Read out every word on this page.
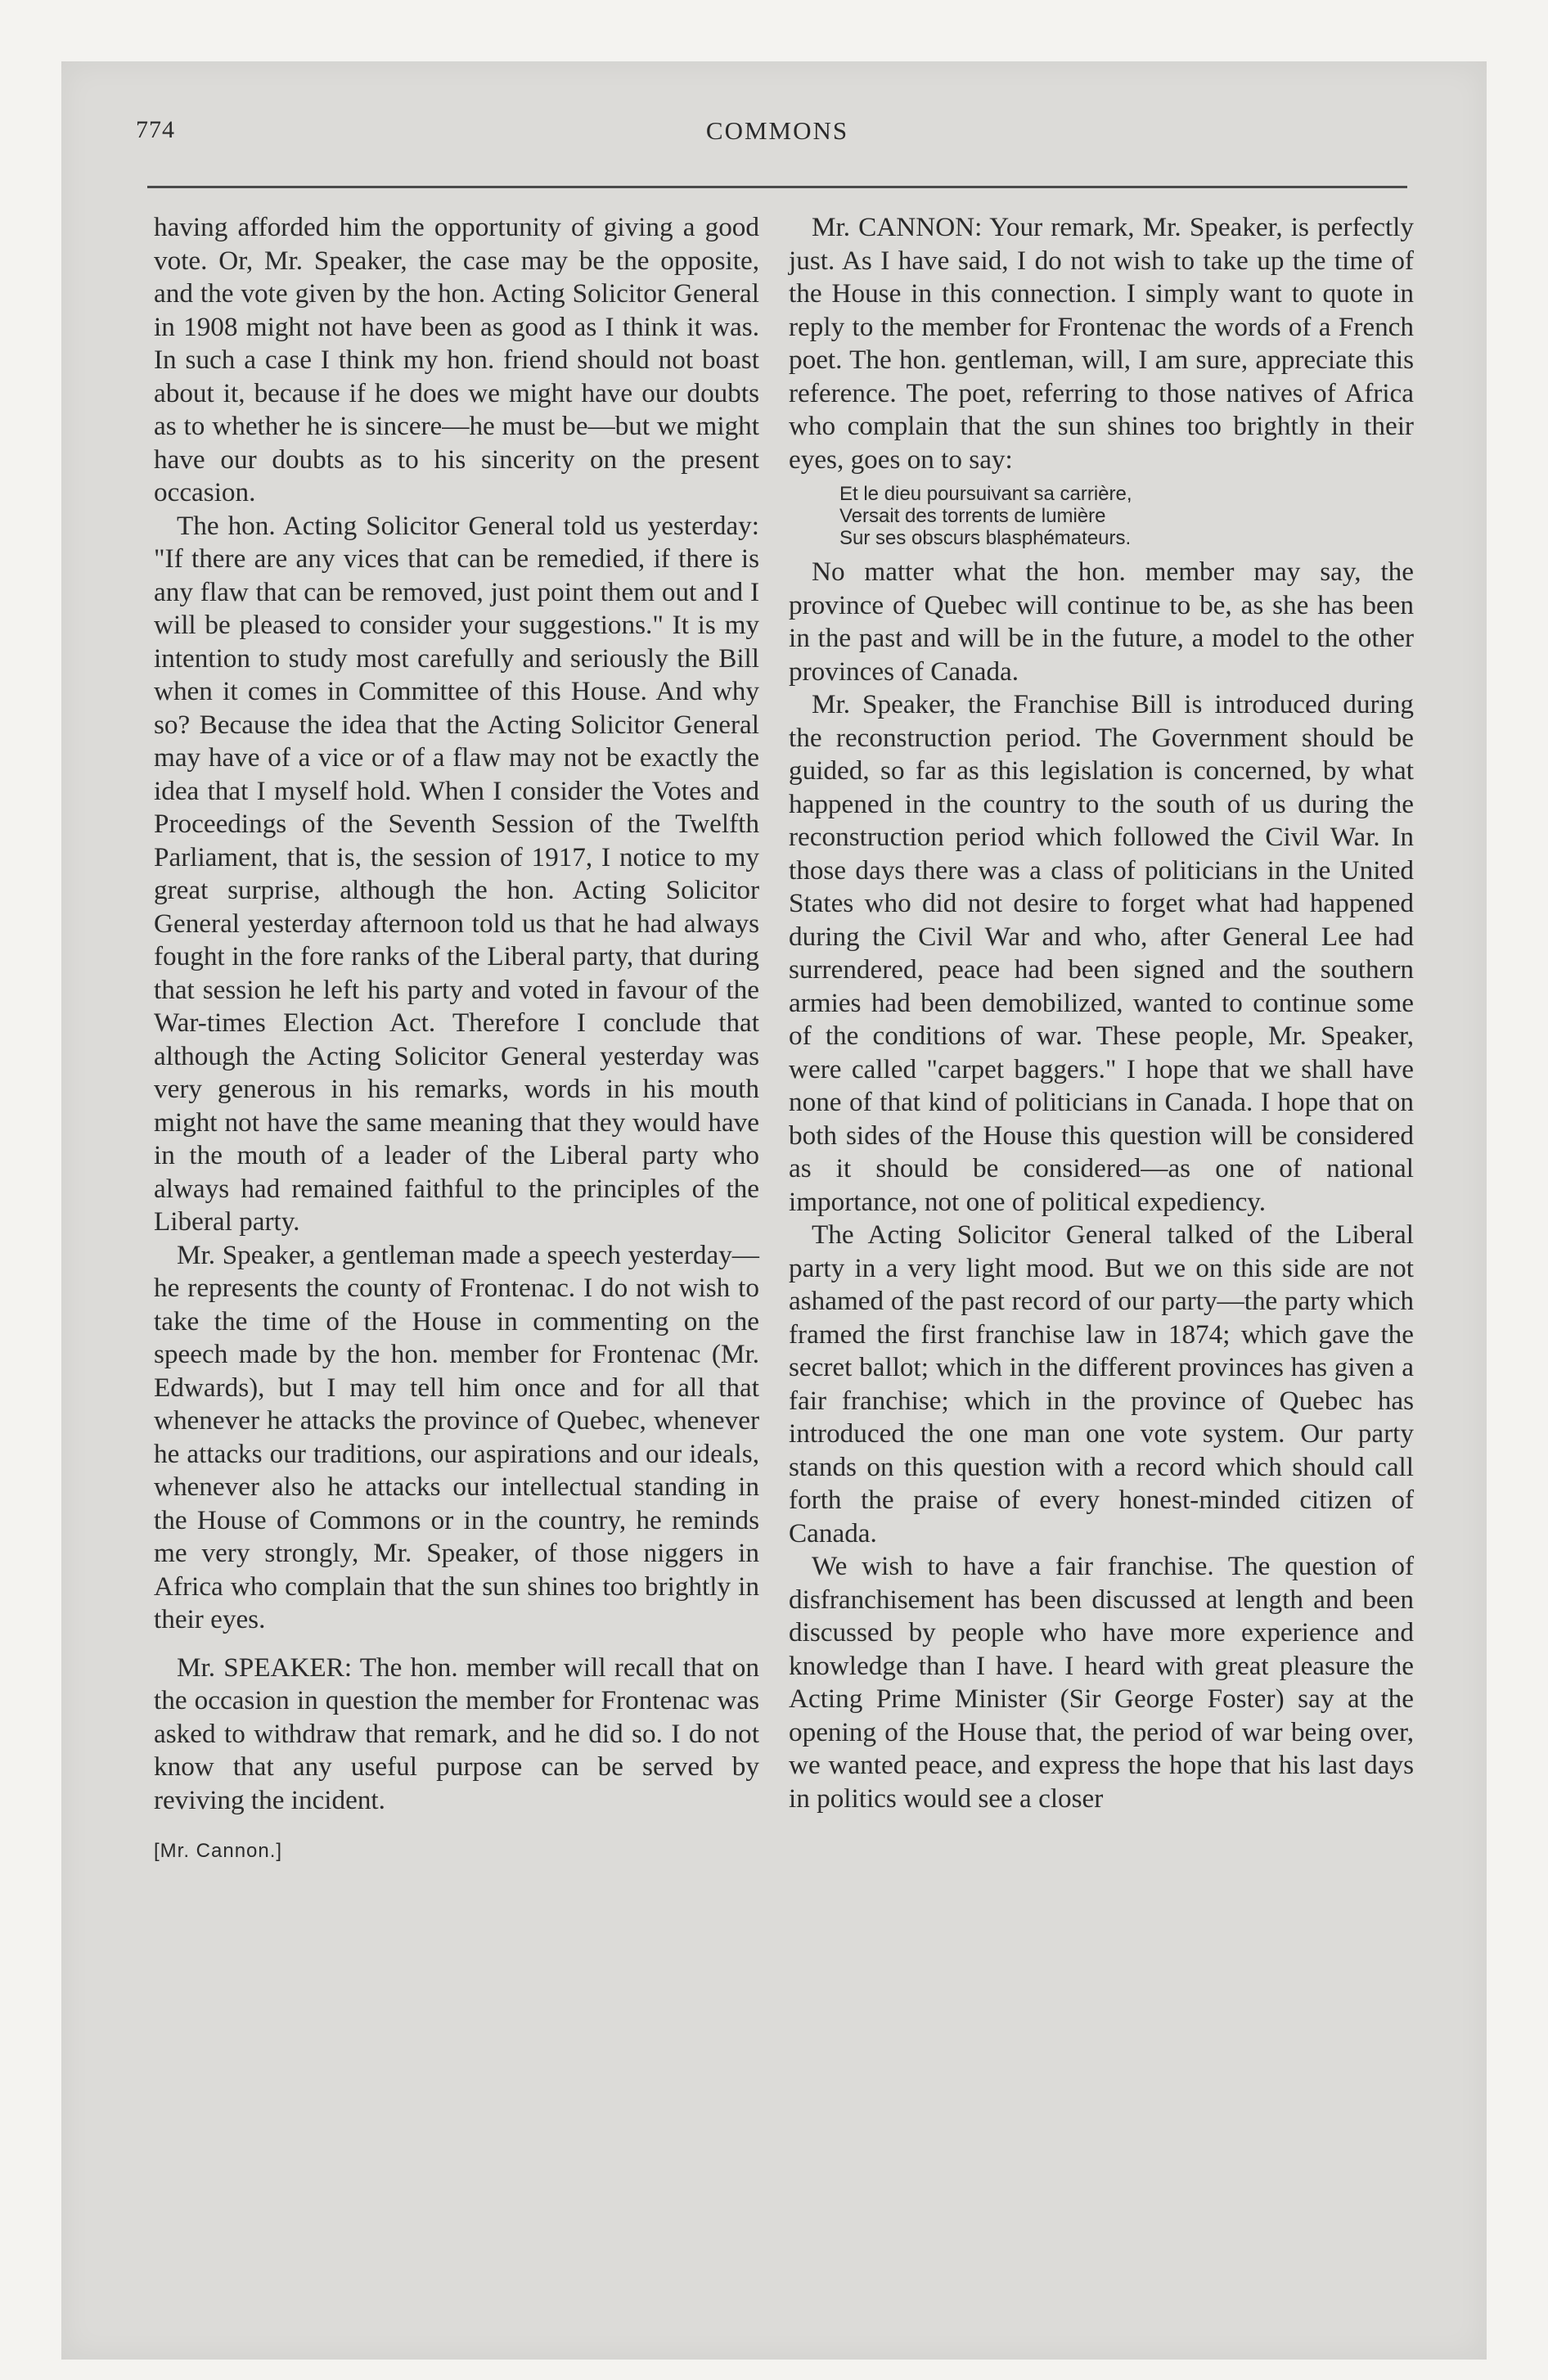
774	COMMONS

having afforded him the opportunity of giving a good vote. Or, Mr. Speaker, the case may be the opposite, and the vote given by the hon. Acting Solicitor General in 1908 might not have been as good as I think it was. In such a case I think my hon. friend should not boast about it, because if he does we might have our doubts as to whether he is sincere—he must be—but we might have our doubts as to his sincerity on the present occasion.

The hon. Acting Solicitor General told us yesterday: "If there are any vices that can be remedied, if there is any flaw that can be removed, just point them out and I will be pleased to consider your suggestions." It is my intention to study most carefully and seriously the Bill when it comes in Committee of this House. And why so? Because the idea that the Acting Solicitor General may have of a vice or of a flaw may not be exactly the idea that I myself hold. When I consider the Votes and Proceedings of the Seventh Session of the Twelfth Parliament, that is, the session of 1917, I notice to my great surprise, although the hon. Acting Solicitor General yesterday afternoon told us that he had always fought in the fore ranks of the Liberal party, that during that session he left his party and voted in favour of the War-times Election Act. Therefore I conclude that although the Acting Solicitor General yesterday was very generous in his remarks, words in his mouth might not have the same meaning that they would have in the mouth of a leader of the Liberal party who always had remained faithful to the principles of the Liberal party.

Mr. Speaker, a gentleman made a speech yesterday—he represents the county of Frontenac. I do not wish to take the time of the House in commenting on the speech made by the hon. member for Frontenac (Mr. Edwards), but I may tell him once and for all that whenever he attacks the province of Quebec, whenever he attacks our traditions, our aspirations and our ideals, whenever also he attacks our intellectual standing in the House of Commons or in the country, he reminds me very strongly, Mr. Speaker, of those niggers in Africa who complain that the sun shines too brightly in their eyes.

Mr. SPEAKER: The hon. member will recall that on the occasion in question the member for Frontenac was asked to withdraw that remark, and he did so. I do not know that any useful purpose can be served by reviving the incident.

[Mr. Cannon.]

Mr. CANNON: Your remark, Mr. Speaker, is perfectly just. As I have said, I do not wish to take up the time of the House in this connection. I simply want to quote in reply to the member for Frontenac the words of a French poet. The hon. gentleman, will, I am sure, appreciate this reference. The poet, referring to those natives of Africa who complain that the sun shines too brightly in their eyes, goes on to say:

Et le dieu poursuivant sa carrière,
Versait des torrents de lumière
Sur ses obscurs blasphémateurs.

No matter what the hon. member may say, the province of Quebec will continue to be, as she has been in the past and will be in the future, a model to the other provinces of Canada.

Mr. Speaker, the Franchise Bill is introduced during the reconstruction period. The Government should be guided, so far as this legislation is concerned, by what happened in the country to the south of us during the reconstruction period which followed the Civil War. In those days there was a class of politicians in the United States who did not desire to forget what had happened during the Civil War and who, after General Lee had surrendered, peace had been signed and the southern armies had been demobilized, wanted to continue some of the conditions of war. These people, Mr. Speaker, were called "carpet baggers." I hope that we shall have none of that kind of politicians in Canada. I hope that on both sides of the House this question will be considered as it should be considered—as one of national importance, not one of political expediency.

The Acting Solicitor General talked of the Liberal party in a very light mood. But we on this side are not ashamed of the past record of our party—the party which framed the first franchise law in 1874; which gave the secret ballot; which in the different provinces has given a fair franchise; which in the province of Quebec has introduced the one man one vote system. Our party stands on this question with a record which should call forth the praise of every honest-minded citizen of Canada.

We wish to have a fair franchise. The question of disfranchisement has been discussed at length and been discussed by people who have more experience and knowledge than I have. I heard with great pleasure the Acting Prime Minister (Sir George Foster) say at the opening of the House that, the period of war being over, we wanted peace, and express the hope that his last days in politics would see a closer
